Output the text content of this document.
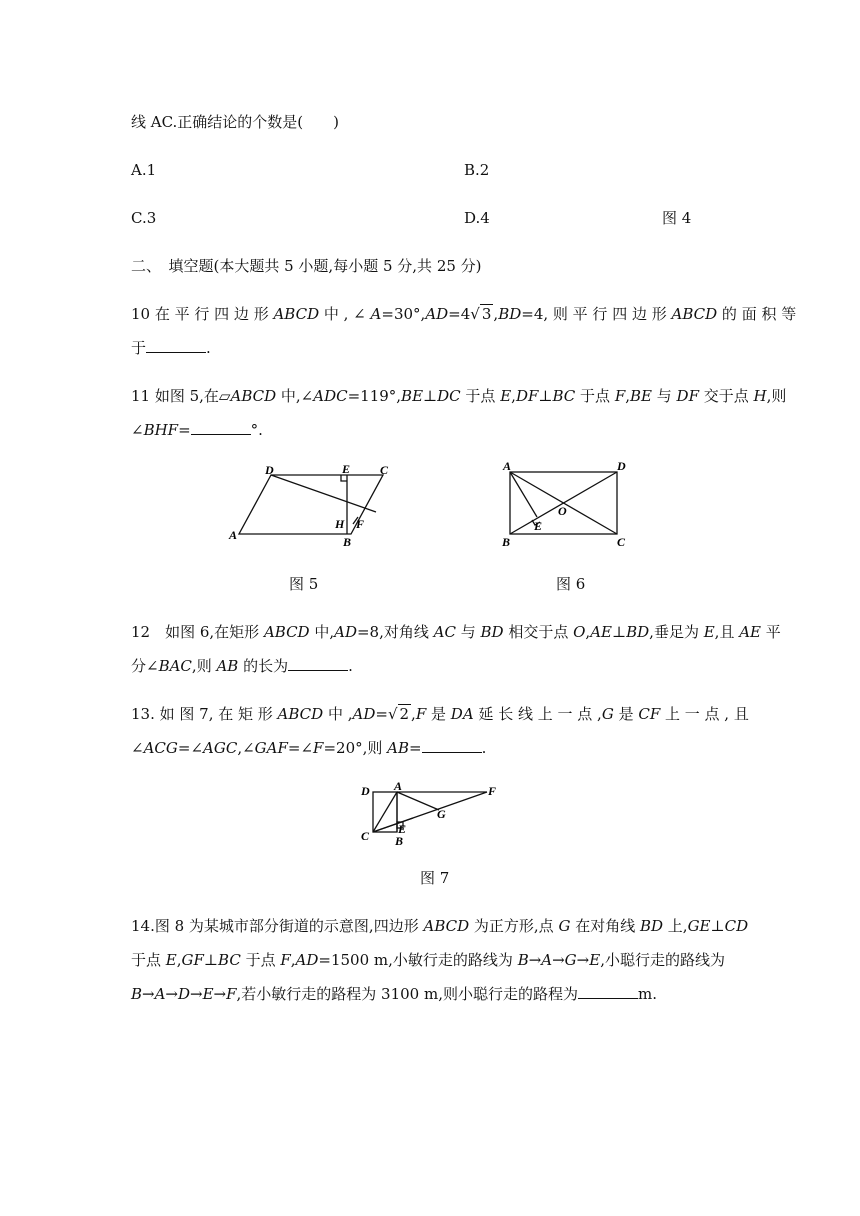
线 AC.正确结论的个数是(　　)
A.1	B.2
C.3	D.4	图 4
二、　填空题(本大题共 5 小题,每小题 5 分,共 25 分)
10 在 平 行 四 边 形 ABCD 中 , ∠ A=30°,AD=4√ 3 ,BD=4, 则 平 行 四 边 形 ABCD 的 面 积 等
于	.
11 如图 5,在▱ABCD 中,∠ADC=119°,BE⊥DC 于点 E,DF⊥BC 于点 F,BE 与 DF 交于点 H,则
∠BHF=	°.
D	E C
A
H F
B
图 5
A	D
O
E
B	C
图 6
12　如图 6,在矩形 ABCD 中,AD=8,对角线 AC 与 BD 相交于点 O,AE⊥BD,垂足为 E,且 AE 平
分∠BAC,则 AB 的长为	.
13. 如 图 7, 在 矩 形 ABCD 中 ,AD=√ 2 ,F 是 DA 延 长 线 上 一 点 ,G 是 CF 上 一 点 , 且
∠ACG=∠AGC,∠GAF=∠F=20°,则 AB=	.
D A	F
G
C E
B
图 7
14.图 8 为某城市部分街道的示意图,四边形 ABCD 为正方形,点 G 在对角线 BD 上,GE⊥CD
于点 E,GF⊥BC 于点 F,AD=1500 m,小敏行走的路线为 B→A→G→E,小聪行走的路线为
B→A→D→E→F,若小敏行走的路程为 3100 m,则小聪行走的路程为	m.
